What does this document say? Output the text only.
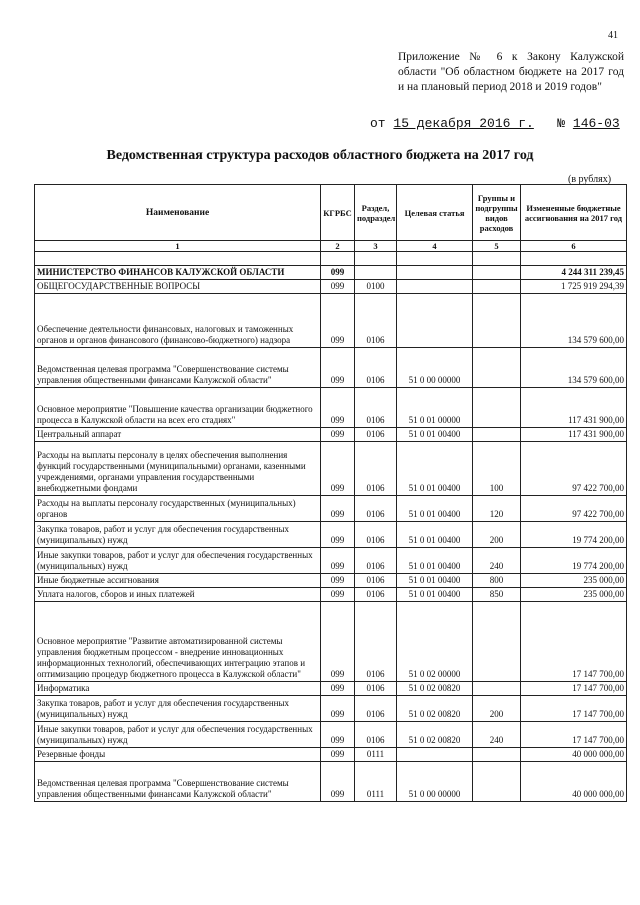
41
Приложение № 6 к Закону Калужской области "Об областном бюджете на 2017 год и на плановый период 2018 и 2019 годов"
от 15 декабря 2016 г. № 146-03
Ведомственная структура расходов областного бюджета на 2017 год
(в рублях)
Наименование	КГРБС	Раздел, подраздел	Целевая статья	Группы и подгруппы видов расходов	Измененные бюджетные ассигнования на 2017 год
1	2	3	4	5	6

МИНИСТЕРСТВО ФИНАНСОВ КАЛУЖСКОЙ ОБЛАСТИ	099				4 244 311 239,45
ОБЩЕГОСУДАРСТВЕННЫЕ ВОПРОСЫ	099	0100			1 725 919 294,39
Обеспечение деятельности финансовых, налоговых и таможенных органов и органов финансового (финансово-бюджетного) надзора	099	0106			134 579 600,00
Ведомственная целевая программа "Совершенствование системы управления общественными финансами Калужской области"	099	0106	51 0 00 00000		134 579 600,00
Основное мероприятие "Повышение качества организации бюджетного процесса в Калужской области на всех его стадиях"	099	0106	51 0 01 00000		117 431 900,00
Центральный аппарат	099	0106	51 0 01 00400		117 431 900,00
Расходы на выплаты персоналу в целях обеспечения выполнения функций государственными (муниципальными) органами, казенными учреждениями, органами управления государственными внебюджетными фондами	099	0106	51 0 01 00400	100	97 422 700,00
Расходы на выплаты персоналу государственных (муниципальных) органов	099	0106	51 0 01 00400	120	97 422 700,00
Закупка товаров, работ и услуг для обеспечения государственных (муниципальных) нужд	099	0106	51 0 01 00400	200	19 774 200,00
Иные закупки товаров, работ и услуг для обеспечения государственных (муниципальных) нужд	099	0106	51 0 01 00400	240	19 774 200,00
Иные бюджетные ассигнования	099	0106	51 0 01 00400	800	235 000,00
Уплата налогов, сборов и иных платежей	099	0106	51 0 01 00400	850	235 000,00
Основное мероприятие "Развитие автоматизированной системы управления бюджетным процессом - внедрение инновационных информационных технологий, обеспечивающих интеграцию этапов и оптимизацию процедур бюджетного процесса в Калужской области"	099	0106	51 0 02 00000		17 147 700,00
Информатика	099	0106	51 0 02 00820		17 147 700,00
Закупка товаров, работ и услуг для обеспечения государственных (муниципальных) нужд	099	0106	51 0 02 00820	200	17 147 700,00
Иные закупки товаров, работ и услуг для обеспечения государственных (муниципальных) нужд	099	0106	51 0 02 00820	240	17 147 700,00
Резервные фонды	099	0111			40 000 000,00
Ведомственная целевая программа "Совершенствование системы управления общественными финансами Калужской области"	099	0111	51 0 00 00000		40 000 000,00
